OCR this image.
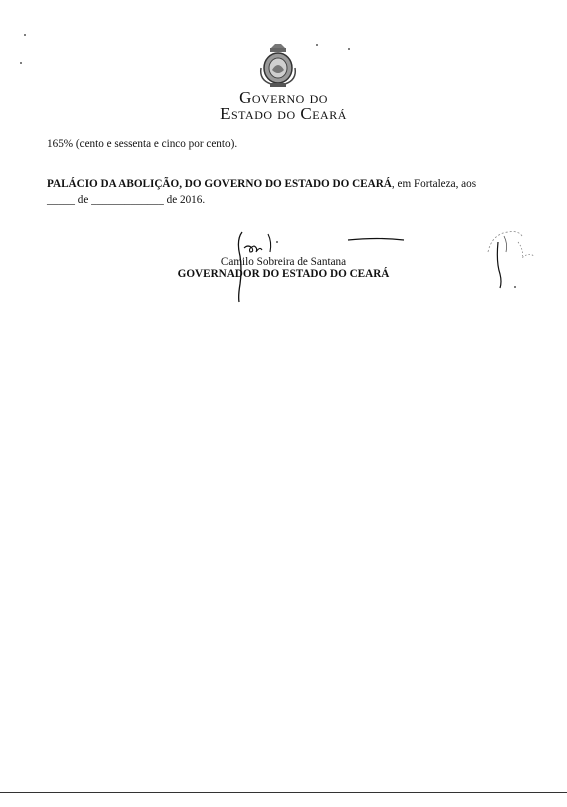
Governo do
Estado do Ceará
165% (cento e sessenta e cinco por cento).
PALÁCIO DA ABOLIÇÃO, DO GOVERNO DO ESTADO DO CEARÁ, em Fortaleza, aos
_____ de _____________ de 2016.
Camilo Sobreira de Santana
GOVERNADOR DO ESTADO DO CEARÁ
